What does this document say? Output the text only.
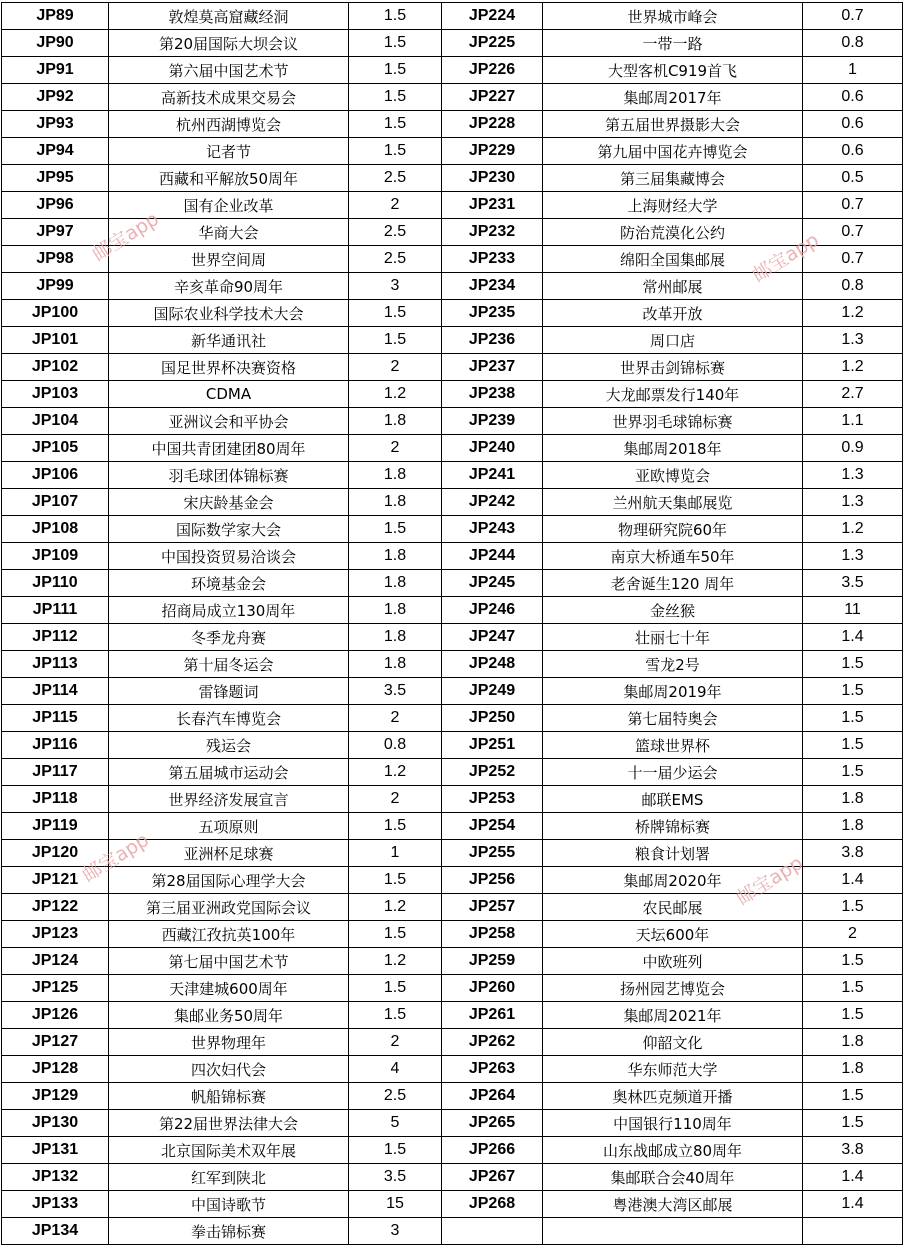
JP89	敦煌莫高窟藏经洞	1.5	JP224	世界城市峰会	0.7
JP90	第20届国际大坝会议	1.5	JP225	一带一路	0.8
JP91	第六届中国艺术节	1.5	JP226	大型客机C919首飞	1
JP92	高新技术成果交易会	1.5	JP227	集邮周2017年	0.6
JP93	杭州西湖博览会	1.5	JP228	第五届世界摄影大会	0.6
JP94	记者节	1.5	JP229	第九届中国花卉博览会	0.6
JP95	西藏和平解放50周年	2.5	JP230	第三届集藏博会	0.5
JP96	国有企业改革	2	JP231	上海财经大学	0.7
JP97	华商大会	2.5	JP232	防治荒漠化公约	0.7
JP98	世界空间周	2.5	JP233	绵阳全国集邮展	0.7
JP99	辛亥革命90周年	3	JP234	常州邮展	0.8
JP100	国际农业科学技术大会	1.5	JP235	改革开放	1.2
JP101	新华通讯社	1.5	JP236	周口店	1.3
JP102	国足世界杯决赛资格	2	JP237	世界击剑锦标赛	1.2
JP103	CDMA	1.2	JP238	大龙邮票发行140年	2.7
JP104	亚洲议会和平协会	1.8	JP239	世界羽毛球锦标赛	1.1
JP105	中国共青团建团80周年	2	JP240	集邮周2018年	0.9
JP106	羽毛球团体锦标赛	1.8	JP241	亚欧博览会	1.3
JP107	宋庆龄基金会	1.8	JP242	兰州航天集邮展览	1.3
JP108	国际数学家大会	1.5	JP243	物理研究院60年	1.2
JP109	中国投资贸易洽谈会	1.8	JP244	南京大桥通车50年	1.3
JP110	环境基金会	1.8	JP245	老舍诞生120 周年	3.5
JP111	招商局成立130周年	1.8	JP246	金丝猴	11
JP112	冬季龙舟赛	1.8	JP247	壮丽七十年	1.4
JP113	第十届冬运会	1.8	JP248	雪龙2号	1.5
JP114	雷锋题词	3.5	JP249	集邮周2019年	1.5
JP115	长春汽车博览会	2	JP250	第七届特奥会	1.5
JP116	残运会	0.8	JP251	篮球世界杯	1.5
JP117	第五届城市运动会	1.2	JP252	十一届少运会	1.5
JP118	世界经济发展宣言	2	JP253	邮联EMS	1.8
JP119	五项原则	1.5	JP254	桥牌锦标赛	1.8
JP120	亚洲杯足球赛	1	JP255	粮食计划署	3.8
JP121	第28届国际心理学大会	1.5	JP256	集邮周2020年	1.4
JP122	第三届亚洲政党国际会议	1.2	JP257	农民邮展	1.5
JP123	西藏江孜抗英100年	1.5	JP258	天坛600年	2
JP124	第七届中国艺术节	1.2	JP259	中欧班列	1.5
JP125	天津建城600周年	1.5	JP260	扬州园艺博览会	1.5
JP126	集邮业务50周年	1.5	JP261	集邮周2021年	1.5
JP127	世界物理年	2	JP262	仰韶文化	1.8
JP128	四次妇代会	4	JP263	华东师范大学	1.8
JP129	帆船锦标赛	2.5	JP264	奥林匹克频道开播	1.5
JP130	第22届世界法律大会	5	JP265	中国银行110周年	1.5
JP131	北京国际美术双年展	1.5	JP266	山东战邮成立80周年	3.8
JP132	红军到陕北	3.5	JP267	集邮联合会40周年	1.4
JP133	中国诗歌节	15	JP268	粤港澳大湾区邮展	1.4
JP134	拳击锦标赛	3			
邮宝app	邮宝app
邮宝app	邮宝app
